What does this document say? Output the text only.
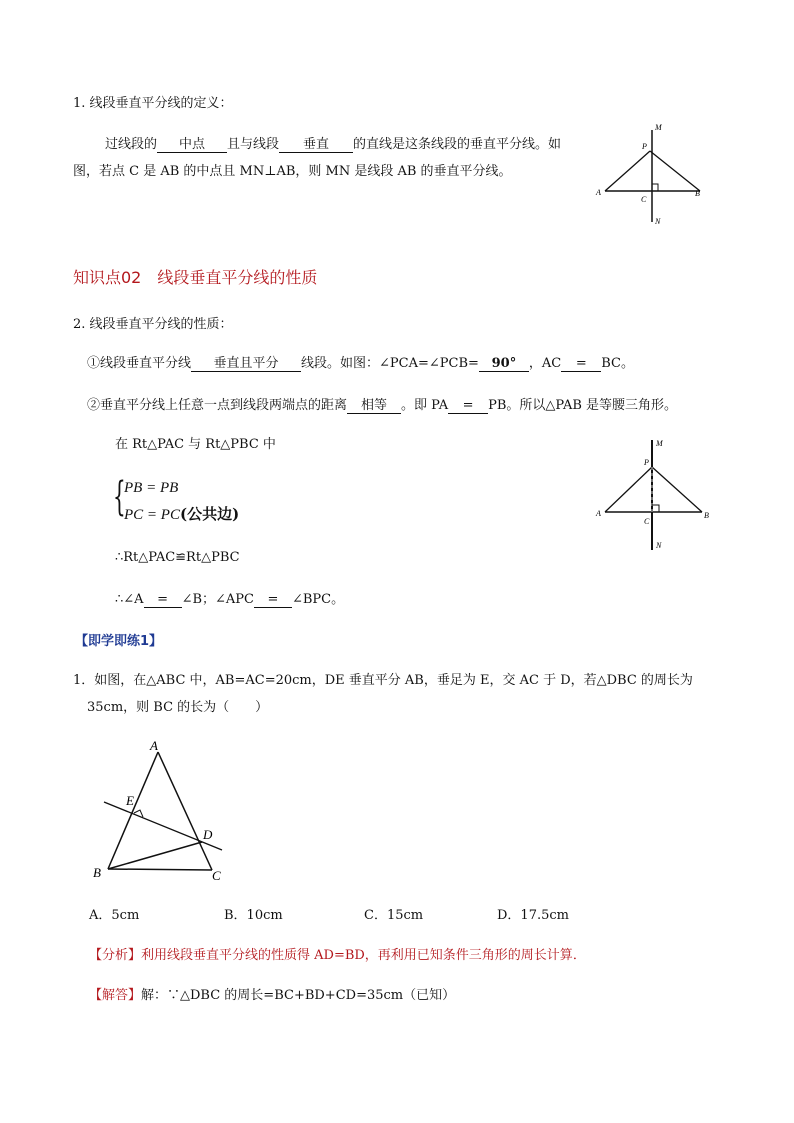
1. 线段垂直平分线的定义：
过线段的 中点 且与线段 垂直 的直线是这条线段的垂直平分线。如
图，若点 C 是 AB 的中点且 MN⊥AB，则 MN 是线段 AB 的垂直平分线。
M
P
A
C
B
N
知识点02　线段垂直平分线的性质
2. 线段垂直平分线的性质：
①线段垂直平分线 垂直且平分 线段。如图：∠PCA=∠PCB= 90° ，AC = BC。
②垂直平分线上任意一点到线段两端点的距离 相等 。即 PA = PB。所以△PAB 是等腰三角形。
在 Rt△PAC 与 Rt△PBC 中
{
PB = PB
PC = PC(公共边)
∴Rt△PAC≌Rt△PBC
∴∠A = ∠B；∠APC = ∠BPC。
M
P
A
C
B
N
【即学即练1】
1．如图，在△ABC 中，AB=AC=20cm，DE 垂直平分 AB，垂足为 E，交 AC 于 D，若△DBC 的周长为
35cm，则 BC 的长为（　　）
A
E
D
B	C
A．5cm	B．10cm	C．15cm	D．17.5cm
【分析】利用线段垂直平分线的性质得 AD=BD，再利用已知条件三角形的周长计算．
【解答】解：∵△DBC 的周长=BC+BD+CD=35cm（已知）
